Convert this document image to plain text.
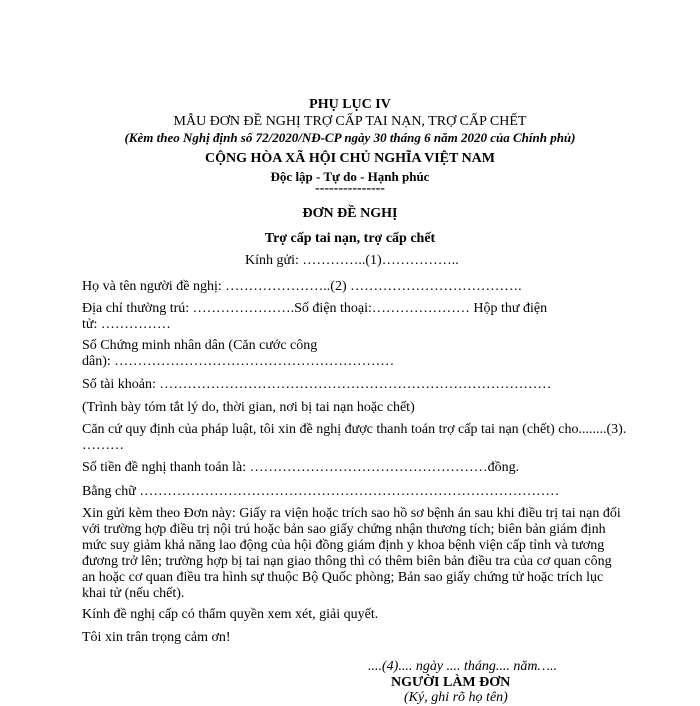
PHỤ LỤC IV
MẪU ĐƠN ĐỀ NGHỊ TRỢ CẤP TAI NẠN, TRỢ CẤP CHẾT
(Kèm theo Nghị định số 72/2020/NĐ-CP ngày 30 tháng 6 năm 2020 của Chính phủ)
CỘNG HÒA XÃ HỘI CHỦ NGHĨA VIỆT NAM
Độc lập - Tự do - Hạnh phúc
---------------
ĐƠN ĐỀ NGHỊ
Trợ cấp tai nạn, trợ cấp chết
Kính gửi: …………..(1)……………..
Họ và tên người đề nghị: …………………..(2) ……………………………….
Địa chỉ thường trú: ………………….Số điện thoại:………………… Hộp thư điện
tử: ……………
Số Chứng minh nhân dân (Căn cước công
dân): ……………………………………………………
Số tài khoản: …………………………………………………………………………
(Trình bày tóm tắt lý do, thời gian, nơi bị tai nạn hoặc chết)
Căn cứ quy định của pháp luật, tôi xin đề nghị được thanh toán trợ cấp tai nạn (chết) cho........(3).
………
Số tiền đề nghị thanh toán là: ……………………………………………đồng.
Bằng chữ ………………………………………………………………………………
Xin gửi kèm theo Đơn này: Giấy ra viện hoặc trích sao hồ sơ bệnh án sau khi điều trị tai nạn đối
với trường hợp điều trị nội trú hoặc bản sao giấy chứng nhận thương tích; biên bản giám định
mức suy giảm khả năng lao động của hội đồng giám định y khoa bệnh viện cấp tỉnh và tương
đương trở lên; trường hợp bị tai nạn giao thông thì có thêm biên bản điều tra của cơ quan công
an hoặc cơ quan điều tra hình sự thuộc Bộ Quốc phòng; Bản sao giấy chứng tử hoặc trích lục
khai tử (nếu chết).
Kính đề nghị cấp có thẩm quyền xem xét, giải quyết.
Tôi xin trân trọng cảm ơn!
....(4).... ngày .... tháng.... năm…..
NGƯỜI LÀM ĐƠN
(Ký, ghi rõ họ tên)
